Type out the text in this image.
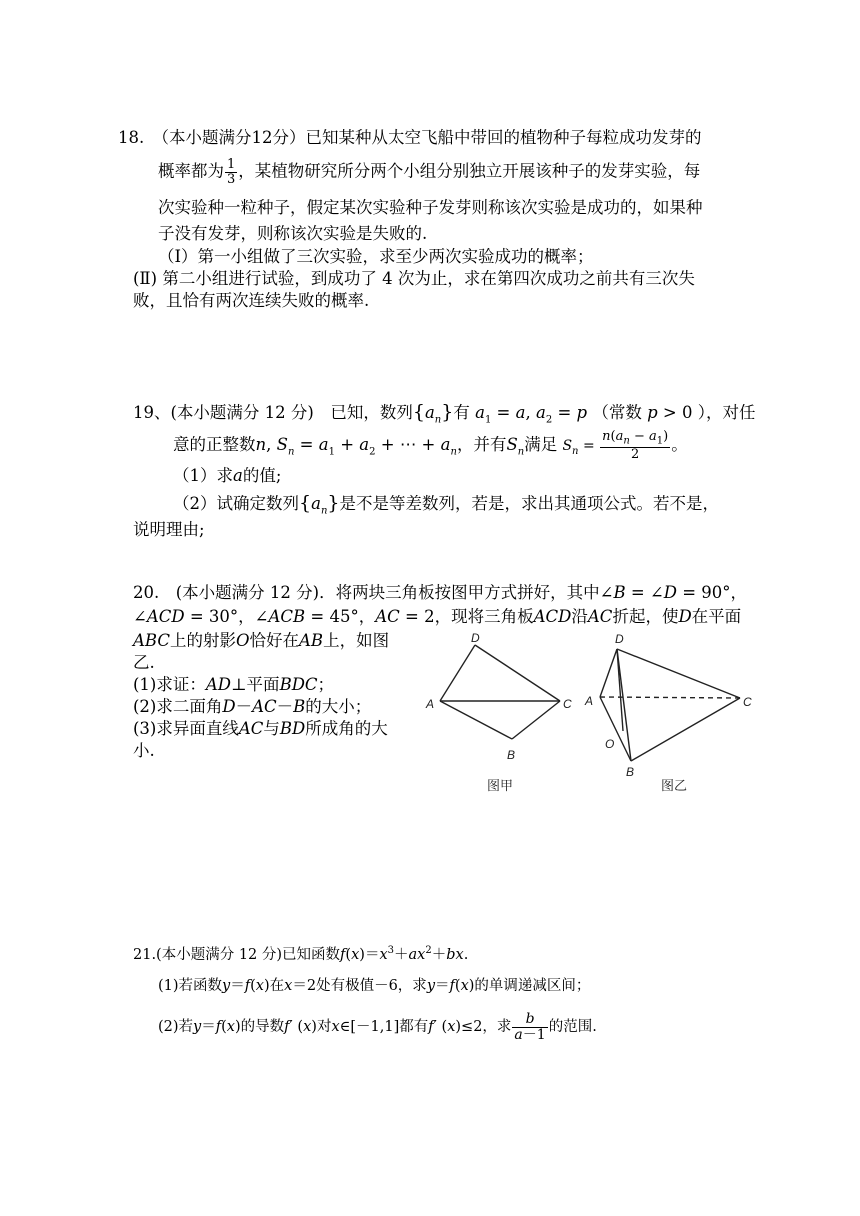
18.　（本小题满分12分）已知某种从太空飞船中带回的植物种子每粒成功发芽的
概率都为 $\frac{1}{3}$ ，某植物研究所分两个小组分别独立开展该种子的发芽实验，每
次实验种一粒种子，假定某次实验种子发芽则称该次实验是成功的，如果种
子没有发芽，则称该次实验是失败的.
（Ⅰ）第一小组做了三次实验，求至少两次实验成功的概率；
(Ⅱ) 第二小组进行试验，到成功了 4 次为止，求在第四次成功之前共有三次失
败，且恰有两次连续失败的概率.
19、(本小题满分 12 分)　已知，数列$\{a_n\}$有 $a_1 = a$, $a_2 = p$ （常数 p > 0 ），对任
意的正整数n, $S_n = a_1 + a_2$ + ⋯ + $a_n$，并有$S_n$满足 $S_n = \frac{n(a_n - a_1)}{2}$ 。
（1）求a的值;
（2）试确定数列$\{a_n\}$是不是等差数列，若是，求出其通项公式。若不是，
说明理由;
20.　(本小题满分 12 分)．将两块三角板按图甲方式拼好，其中∠B = ∠D = 90°，
∠ACD = 30°，∠ACB = 45°，AC = 2，现将三角板ACD沿AC折起，使D在平面
ABC上的射影O恰好在AB上，如图
乙.
(1)求证：AD⊥平面BDC；
(2)求二面角D－AC－B的大小；
(3)求异面直线AC与BD所成角的大
小.
D
A	C
B
D
A	C
O
B
图甲	图乙
21.(本小题满分 12 分)已知函数$f(x)=x^3+ax^2+bx$.
(1)若函数y＝f(x)在x＝2处有极值－6，求y＝f(x)的单调递减区间；
(2)若y＝f(x)的导数f′ (x)对x∈[－1,1]都有f′ (x)≤2，求 $\frac{b}{a-1}$ 的范围.
